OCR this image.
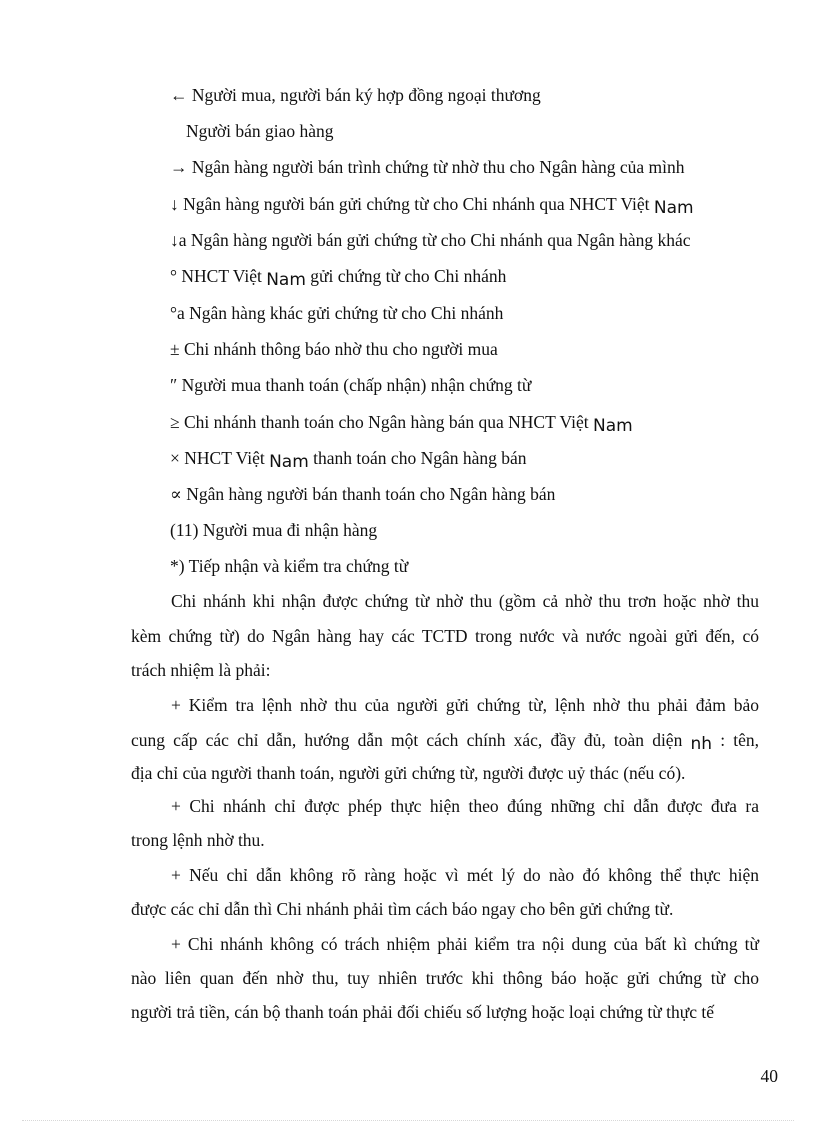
← Người mua, người bán ký hợp đồng ngoại thương
Người bán giao hàng
→ Ngân hàng người bán trình chứng từ nhờ thu cho Ngân hàng của mình
↓ Ngân hàng người bán gửi chứng từ cho Chi nhánh qua NHCT Việt Nam
↓a Ngân hàng người bán gửi chứng từ cho Chi nhánh qua Ngân hàng khác
° NHCT Việt Nam gửi chứng từ cho Chi nhánh
°a Ngân hàng khác gửi chứng từ cho Chi nhánh
± Chi nhánh thông báo nhờ thu cho người mua
″ Người mua thanh toán (chấp nhận) nhận chứng từ
≥ Chi nhánh thanh toán cho Ngân hàng bán qua NHCT Việt Nam
× NHCT Việt Nam thanh toán cho Ngân hàng bán
∝ Ngân hàng người bán thanh toán cho Ngân hàng bán
(11) Người mua đi nhận hàng
*) Tiếp nhận và kiểm tra chứng từ
Chi nhánh khi nhận được chứng từ nhờ thu (gồm cả nhờ thu trơn hoặc nhờ thu
kèm chứng từ) do Ngân hàng hay các TCTD trong nước và nước ngoài gửi đến, có
trách nhiệm là phải:
+ Kiểm tra lệnh nhờ thu của người gửi chứng từ, lệnh nhờ thu phải đảm bảo
cung cấp các chỉ dẫn, hướng dẫn một cách chính xác, đầy đủ, toàn diện nh : tên,
địa chỉ của người thanh toán, người gửi chứng từ, người được uỷ thác (nếu có).
+ Chi nhánh chỉ được phép thực hiện theo đúng những chỉ dẫn được đưa ra
trong lệnh nhờ thu.
+ Nếu chỉ dẫn không rõ ràng hoặc vì mét lý do nào đó không thể thực hiện
được các chỉ dẫn thì Chi nhánh phải tìm cách báo ngay cho bên gửi chứng từ.
+ Chi nhánh không có trách nhiệm phải kiểm tra nội dung của bất kì chứng từ
nào liên quan đến nhờ thu, tuy nhiên trước khi thông báo hoặc gửi chứng từ cho
người trả tiền, cán bộ thanh toán phải đối chiếu số lượng hoặc loại chứng từ thực tế
40
